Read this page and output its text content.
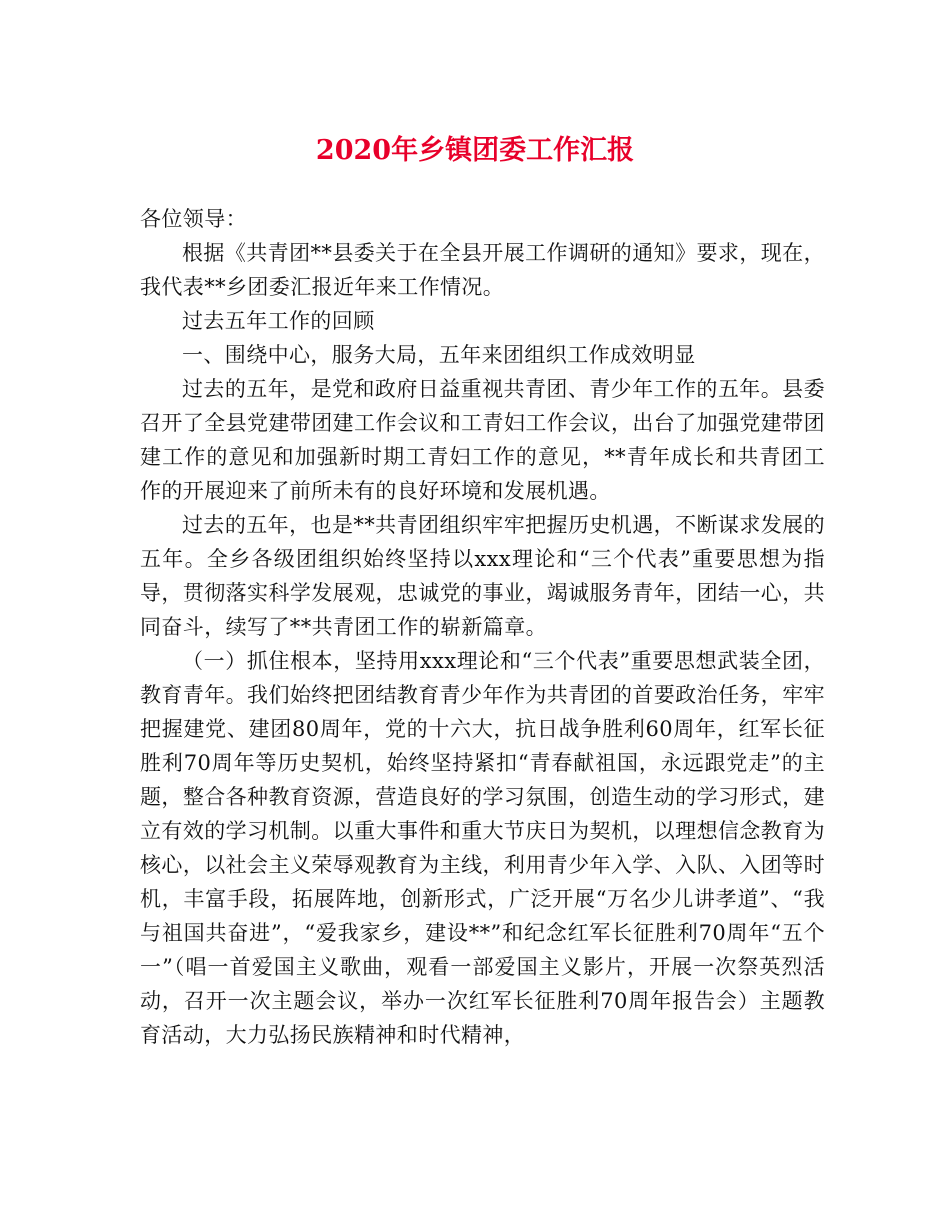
2020年乡镇团委工作汇报

各位领导：

根据《共青团**县委关于在全县开展工作调研的通知》要求，现在，我代表**乡团委汇报近年来工作情况。

过去五年工作的回顾

一、围绕中心，服务大局，五年来团组织工作成效明显

过去的五年，是党和政府日益重视共青团、青少年工作的五年。县委召开了全县党建带团建工作会议和工青妇工作会议，出台了加强党建带团建工作的意见和加强新时期工青妇工作的意见，**青年成长和共青团工作的开展迎来了前所未有的良好环境和发展机遇。

过去的五年，也是**共青团组织牢牢把握历史机遇，不断谋求发展的五年。全乡各级团组织始终坚持以xxx理论和“三个代表”重要思想为指导，贯彻落实科学发展观，忠诚党的事业，竭诚服务青年，团结一心，共同奋斗，续写了**共青团工作的崭新篇章。

（一）抓住根本，坚持用xxx理论和“三个代表”重要思想武装全团，教育青年。我们始终把团结教育青少年作为共青团的首要政治任务，牢牢把握建党、建团80周年，党的十六大，抗日战争胜利60周年，红军长征胜利70周年等历史契机，始终坚持紧扣“青春献祖国，永远跟党走”的主题，整合各种教育资源，营造良好的学习氛围，创造生动的学习形式，建立有效的学习机制。以重大事件和重大节庆日为契机，以理想信念教育为核心，以社会主义荣辱观教育为主线，利用青少年入学、入队、入团等时机，丰富手段，拓展阵地，创新形式，广泛开展“万名少儿讲孝道”、“我与祖国共奋进”，“爱我家乡，建设**”和纪念红军长征胜利70周年“五个一”（唱一首爱国主义歌曲，观看一部爱国主义影片，开展一次祭英烈活动，召开一次主题会议，举办一次红军长征胜利70周年报告会）主题教育活动，大力弘扬民族精神和时代精神，
